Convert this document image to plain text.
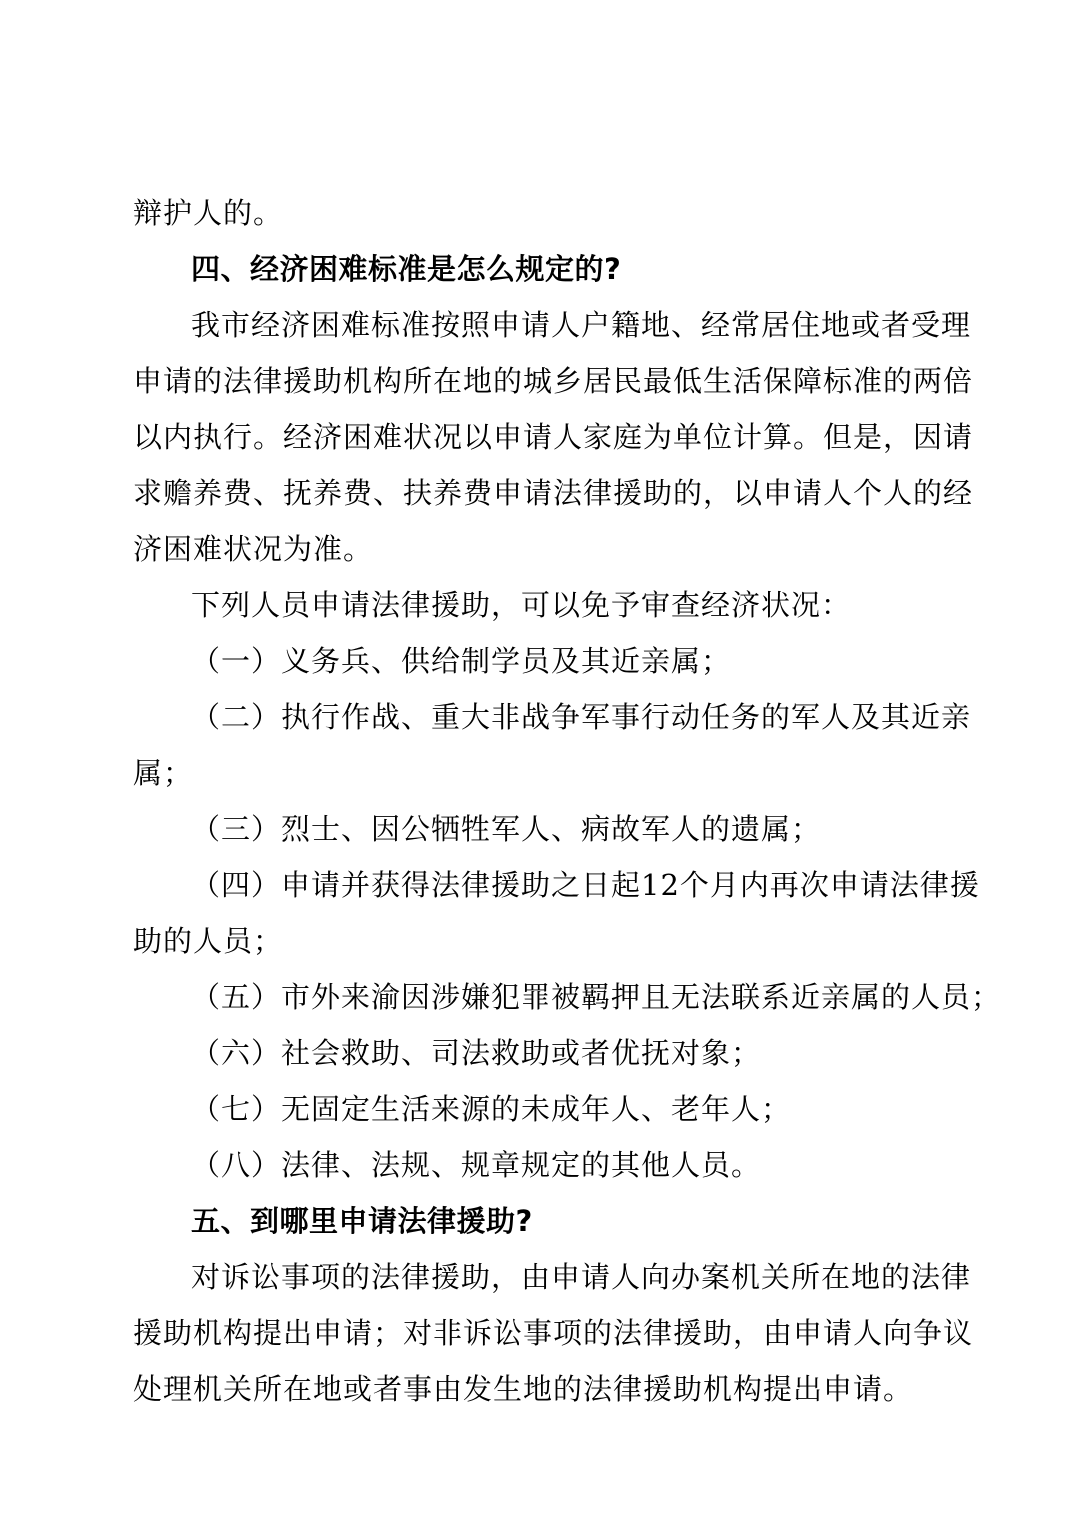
辩护人的。
四、经济困难标准是怎么规定的?
我市经济困难标准按照申请人户籍地、经常居住地或者受理
申请的法律援助机构所在地的城乡居民最低生活保障标准的两倍
以内执行。经济困难状况以申请人家庭为单位计算。但是，因请
求赡养费、抚养费、扶养费申请法律援助的，以申请人个人的经
济困难状况为准。
下列人员申请法律援助，可以免予审查经济状况：
（一）义务兵、供给制学员及其近亲属；
（二）执行作战、重大非战争军事行动任务的军人及其近亲
属；
（三）烈士、因公牺牲军人、病故军人的遗属；
（四）申请并获得法律援助之日起12个月内再次申请法律援
助的人员；
（五）市外来渝因涉嫌犯罪被羁押且无法联系近亲属的人员；
（六）社会救助、司法救助或者优抚对象；
（七）无固定生活来源的未成年人、老年人；
（八）法律、法规、规章规定的其他人员。
五、到哪里申请法律援助?
对诉讼事项的法律援助，由申请人向办案机关所在地的法律
援助机构提出申请；对非诉讼事项的法律援助，由申请人向争议
处理机关所在地或者事由发生地的法律援助机构提出申请。
